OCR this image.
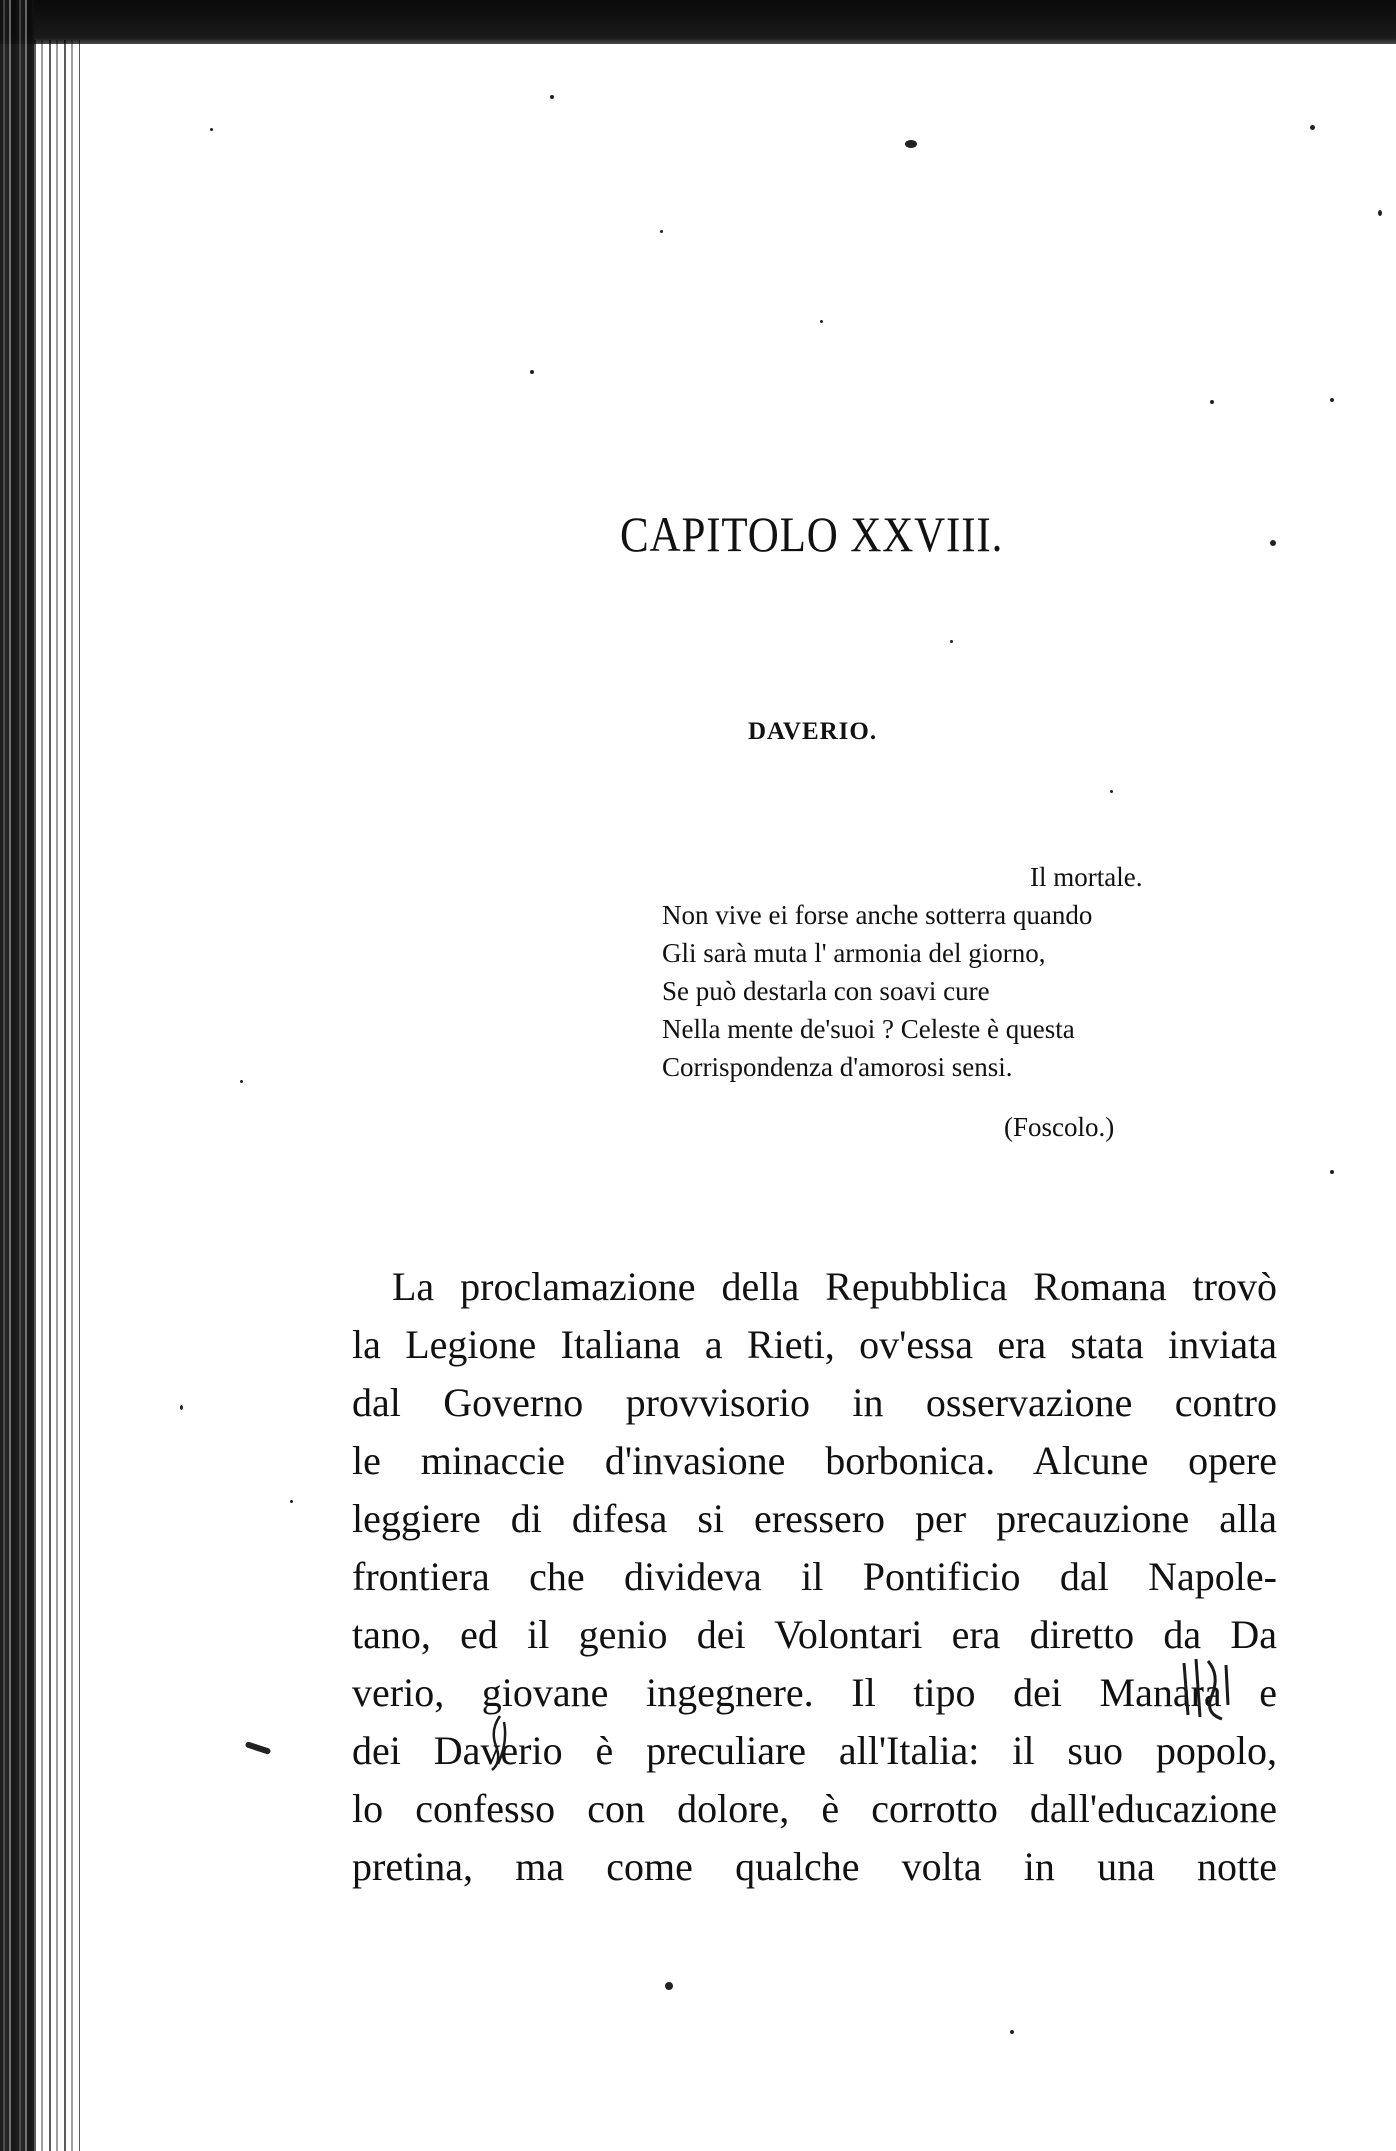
CAPITOLO XXVIII.
DAVERIO.
Il mortale.
Non vive ei forse anche sotterra quando
Gli sarà muta l' armonia del giorno,
Se può destarla con soavi cure
Nella mente de'suoi ? Celeste è questa
Corrispondenza d'amorosi sensi.
(Foscolo.)
La proclamazione della Repubblica Romana trovò
la Legione Italiana a Rieti, ov'essa era stata inviata
dal Governo provvisorio in osservazione contro
le minaccie d'invasione borbonica. Alcune opere
leggiere di difesa si eressero per precauzione alla
frontiera che divideva il Pontificio dal Napole-
tano, ed il genio dei Volontari era diretto da Da
verio, giovane ingegnere. Il tipo dei Manara e
dei Daverio è preculiare all'Italia: il suo popolo,
lo confesso con dolore, è corrotto dall'educazione
pretina, ma come qualche volta in una notte
